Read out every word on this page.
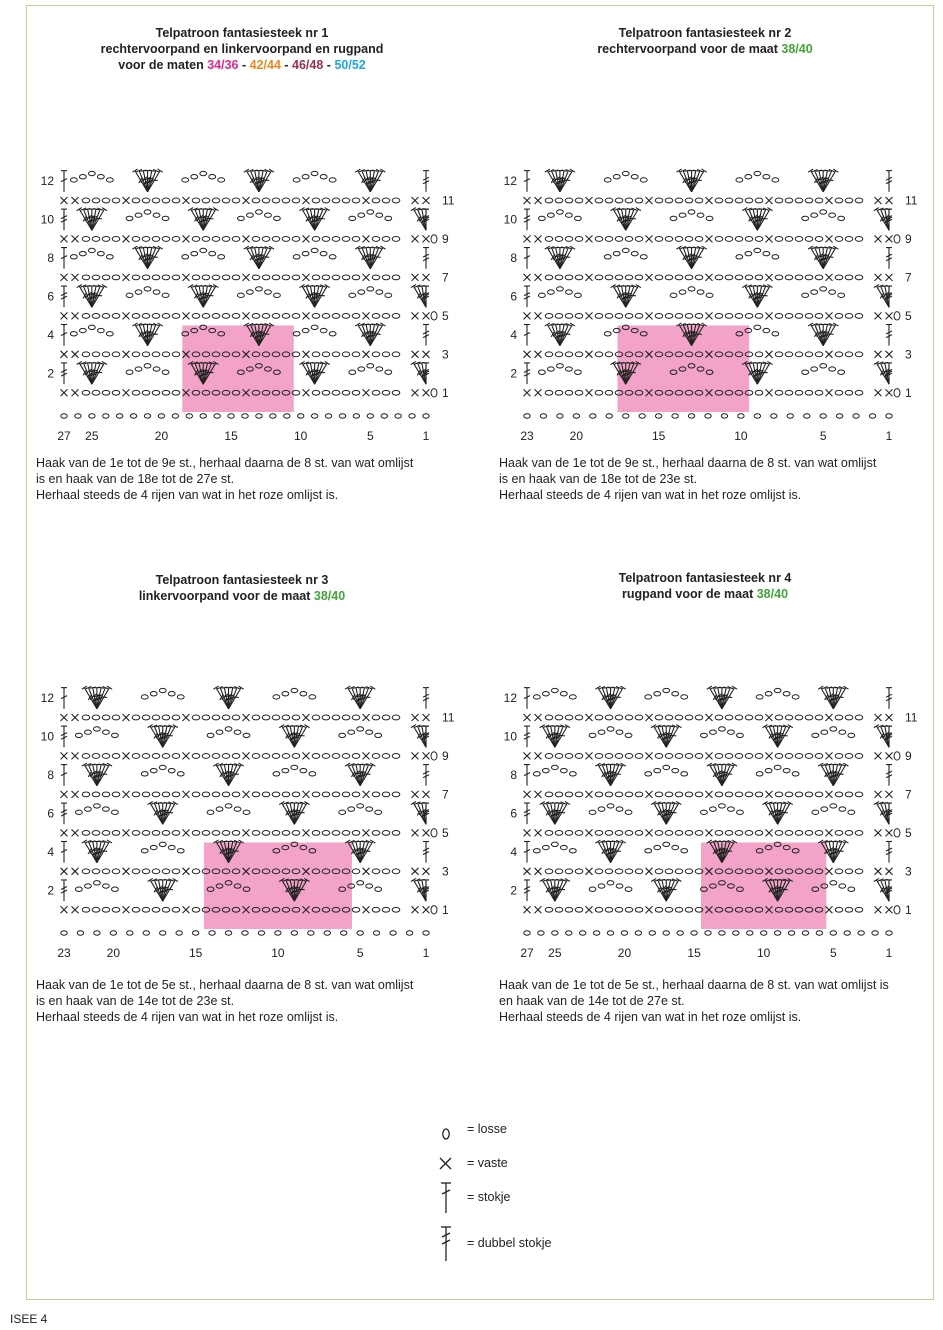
Telpatroon fantasiesteek nr 1
rechtervoorpand en linkervoorpand en rugpand
voor de maten 34/36 - 42/44 - 46/48 - 50/52
12
10
8
6
4
2
11
9
7
5
3
1
27 25	20	15	10	5	1
Haak van de 1e tot de 9e st., herhaal daarna de 8 st. van wat omlijst
is en haak van de 18e tot de 27e st.
Herhaal steeds de 4 rijen van wat in het roze omlijst is.
Telpatroon fantasiesteek nr 2
rechtervoorpand voor de maat 38/40
12
10
8
6
4
2
11
9
7
5
3
1
23	20	15	10	5	1
Haak van de 1e tot de 9e st., herhaal daarna de 8 st. van wat omlijst
is en haak van de 18e tot de 23e st.
Herhaal steeds de 4 rijen van wat in het roze omlijst is.
Telpatroon fantasiesteek nr 3
linkervoorpand voor de maat 38/40
12
10
8
6
4
2
11
9
7
5
3
1
23	20	15	10	5	1
Haak van de 1e tot de 5e st., herhaal daarna de 8 st. van wat omlijst
is en haak van de 14e tot de 23e st.
Herhaal steeds de 4 rijen van wat in het roze omlijst is.
Telpatroon fantasiesteek nr 4
rugpand voor de maat 38/40
12
10
8
6
4
2
11
9
7
5
3
1
27 25	20	15	10	5	1
Haak van de 1e tot de 5e st., herhaal daarna de 8 st. van wat omlijst is
en haak van de 14e tot de 27e st.
Herhaal steeds de 4 rijen van wat in het roze omlijst is.
= losse
= vaste
= stokje
= dubbel stokje
ISEE 4
